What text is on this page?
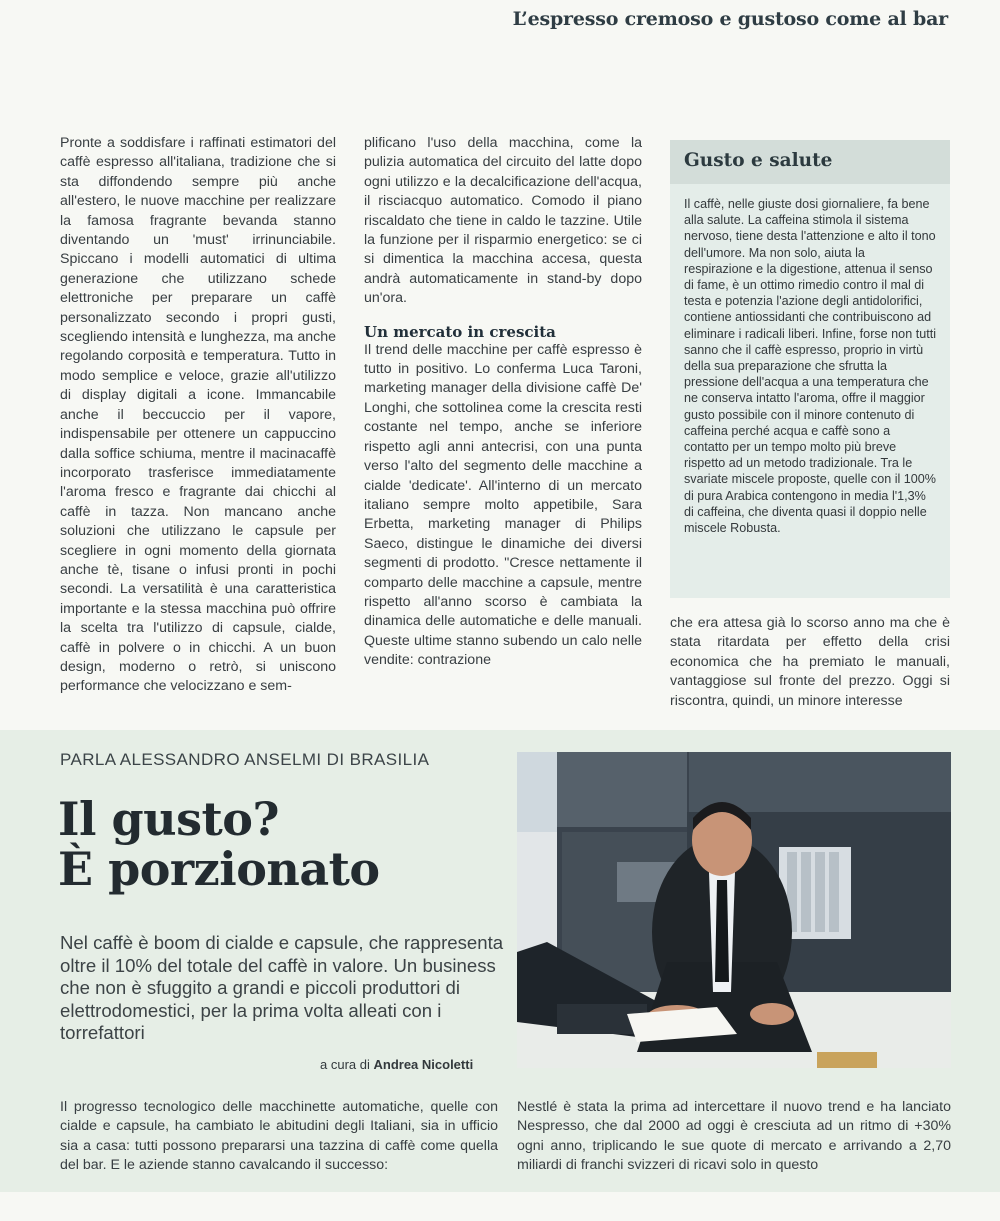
L’espresso cremoso e gustoso come al bar

Pronte a soddisfare i raffinati estimatori del caffè espresso all'italiana, tradizione che si sta diffondendo sempre più anche all'estero, le nuove macchine per realizzare la famosa fragrante bevanda stanno diventando un 'must' irrinunciabile. Spiccano i modelli automatici di ultima generazione che utilizzano schede elettroniche per preparare un caffè personalizzato secondo i propri gusti, scegliendo intensità e lunghezza, ma anche regolando corposità e temperatura. Tutto in modo semplice e veloce, grazie all'utilizzo di display digitali a icone. Immancabile anche il beccuccio per il vapore, indispensabile per ottenere un cappuccino dalla soffice schiuma, mentre il macinacaffè incorporato trasferisce immediatamente l'aroma fresco e fragrante dai chicchi al caffè in tazza. Non mancano anche soluzioni che utilizzano le capsule per scegliere in ogni momento della giornata anche tè, tisane o infusi pronti in pochi secondi. La versatilità è una caratteristica importante e la stessa macchina può offrire la scelta tra l'utilizzo di capsule, cialde, caffè in polvere o in chicchi. A un buon design, moderno o retrò, si uniscono performance che velocizzano e sem-

plificano l'uso della macchina, come la pulizia automatica del circuito del latte dopo ogni utilizzo e la decalcificazione dell'acqua, il risciacquo automatico. Comodo il piano riscaldato che tiene in caldo le tazzine. Utile la funzione per il risparmio energetico: se ci si dimentica la macchina accesa, questa andrà automaticamente in stand-by dopo un'ora.

Un mercato in crescita

Il trend delle macchine per caffè espresso è tutto in positivo. Lo conferma Luca Taroni, marketing manager della divisione caffè De' Longhi, che sottolinea come la crescita resti costante nel tempo, anche se inferiore rispetto agli anni antecrisi, con una punta verso l'alto del segmento delle macchine a cialde 'dedicate'. All'interno di un mercato italiano sempre molto appetibile, Sara Erbetta, marketing manager di Philips Saeco, distingue le dinamiche dei diversi segmenti di prodotto. "Cresce nettamente il comparto delle macchine a capsule, mentre rispetto all'anno scorso è cambiata la dinamica delle automatiche e delle manuali. Queste ultime stanno subendo un calo nelle vendite: contrazione

Gusto e salute
Il caffè, nelle giuste dosi giornaliere, fa bene alla salute. La caffeina stimola il sistema nervoso, tiene desta l'attenzione e alto il tono dell'umore. Ma non solo, aiuta la respirazione e la digestione, attenua il senso di fame, è un ottimo rimedio contro il mal di testa e potenzia l'azione degli antidolorifici, contiene antiossidanti che contribuiscono ad eliminare i radicali liberi. Infine, forse non tutti sanno che il caffè espresso, proprio in virtù della sua preparazione che sfrutta la pressione dell'acqua a una temperatura che ne conserva intatto l'aroma, offre il maggior gusto possibile con il minore contenuto di caffeina perché acqua e caffè sono a contatto per un tempo molto più breve rispetto ad un metodo tradizionale. Tra le svariate miscele proposte, quelle con il 100% di pura Arabica contengono in media l'1,3% di caffeina, che diventa quasi il doppio nelle miscele Robusta.

che era attesa già lo scorso anno ma che è stata ritardata per effetto della crisi economica che ha premiato le manuali, vantaggiose sul fronte del prezzo. Oggi si riscontra, quindi, un minore interesse

PARLA ALESSANDRO ANSELMI DI BRASILIA
Il gusto?
È porzionato

Nel caffè è boom di cialde e capsule, che rappresenta oltre il 10% del totale del caffè in valore. Un business che non è sfuggito a grandi e piccoli produttori di elettrodomestici, per la prima volta alleati con i torrefattori

a cura di Andrea Nicoletti

Il progresso tecnologico delle macchinette automatiche, quelle con cialde e capsule, ha cambiato le abitudini degli Italiani, sia in ufficio sia a casa: tutti possono prepararsi una tazzina di caffè come quella del bar. E le aziende stanno cavalcando il successo:

Nestlé è stata la prima ad intercettare il nuovo trend e ha lanciato Nespresso, che dal 2000 ad oggi è cresciuta ad un ritmo di +30% ogni anno, triplicando le sue quote di mercato e arrivando a 2,70 miliardi di franchi svizzeri di ricavi solo in questo
